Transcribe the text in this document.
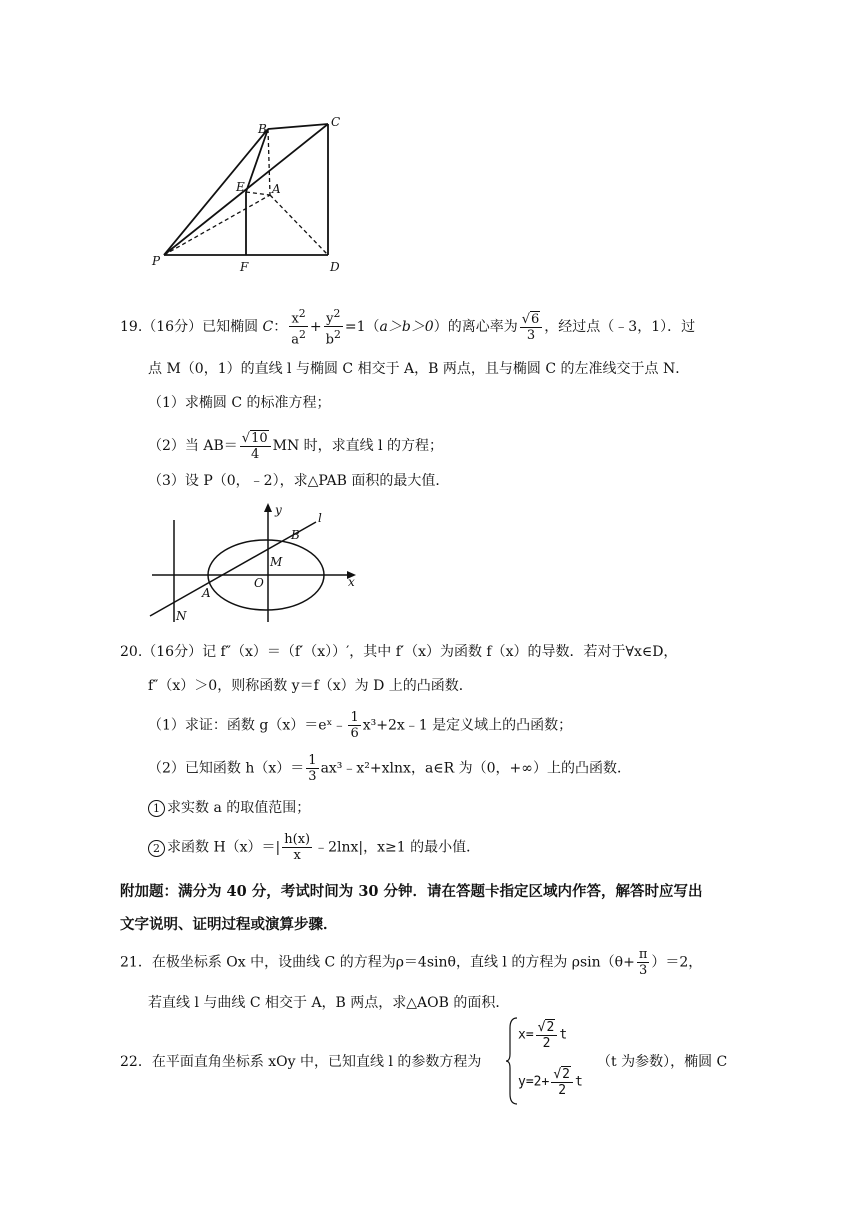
B	C
E A
P	F	D
19.（16分）已知椭圆 C： $\frac{x^2}{a^2} + \frac{y^2}{b^2} =1(a>b>0)$的离心率为 $\frac{√6}{3}$ ，经过点（﹣3，1）．过
点 M（0，1）的直线 l 与椭圆 C 相交于 A，B 两点，且与椭圆 C 的左准线交于点 N．
（1）求椭圆 C 的标准方程；
（2）当 $AB= \frac{√10}{4}$ MN 时，求直线 l 的方程；
（3）设 P（0，﹣2），求△PAB 面积的最大值．
y
B
l
M
O	x
A
N
20.（16分）记 f″（x）＝（f′（x））′，其中 f′（x）为函数 f（x）的导数．若对于∀x∈D，
f″（x）＞0，则称函数 y＝f（x）为 D 上的凸函数．
（1）求证：函数 g（x）＝eˣ﹣ $\frac{1}{6}$ x³+2x﹣1 是定义域上的凸函数；
（2）已知函数 $h(x)= \frac{1}{3}$ ax³﹣x²+xlnx，a∈R 为（0，+∞）上的凸函数．
1 求实数 a 的取值范围；
2 求函数 $H(x)=| \frac{h(x)}{x}$ ﹣2lnx|，x≥1 的最小值．
附加题：满分为 40 分，考试时间为 30 分钟．请在答题卡指定区域内作答，解答时应写出
文字说明、证明过程或演算步骤．
21．在极坐标系 Ox 中，设曲线 C 的方程为ρ＝4sinθ，直线 l 的方程为 $\rho\sin(\theta+ \frac{\pi}{3} )=2$，
若直线 l 与曲线 C 相交于 A，B 两点，求△AOB 的面积．
22．在平面直角坐标系 xOy 中，已知直线 l 的参数方程为
$x= \frac{√2}{2}$ t
$y=2+ \frac{√2}{2}$ t
（t 为参数），椭圆 C
